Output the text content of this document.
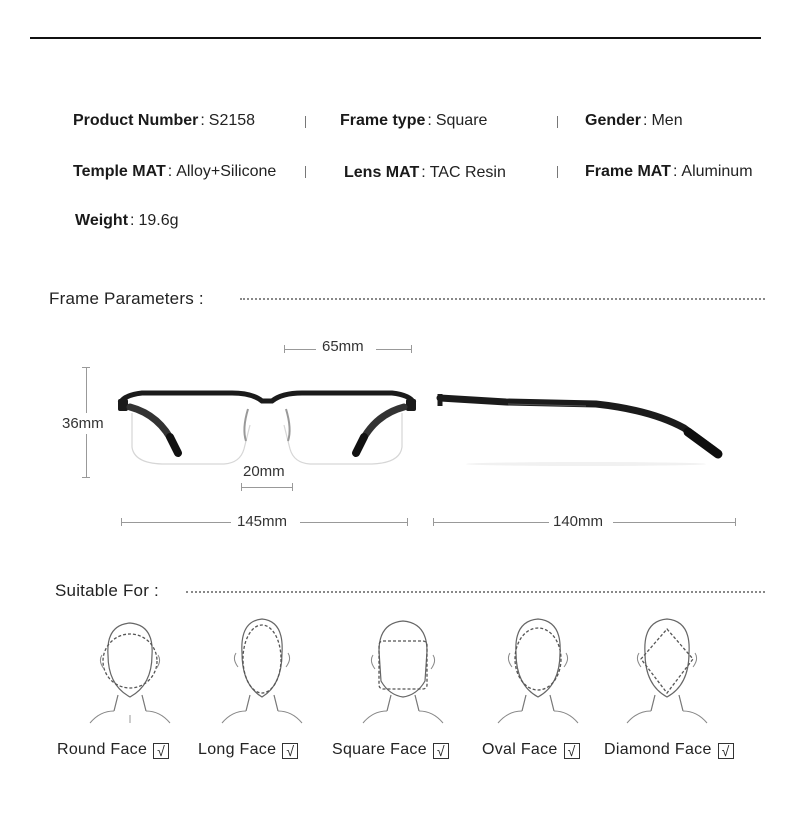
Product Number : S2158	Frame type : Square	Gender : Men
Temple MAT : Alloy+Silicone	Lens MAT : TAC Resin	Frame MAT : Aluminum
Weight : 19.6g
Frame Parameters :
65mm
36mm
20mm
145mm	140mm
Suitable For :
Round Face √ Long Face √ Square Face √ Oval Face √ Diamond Face √
